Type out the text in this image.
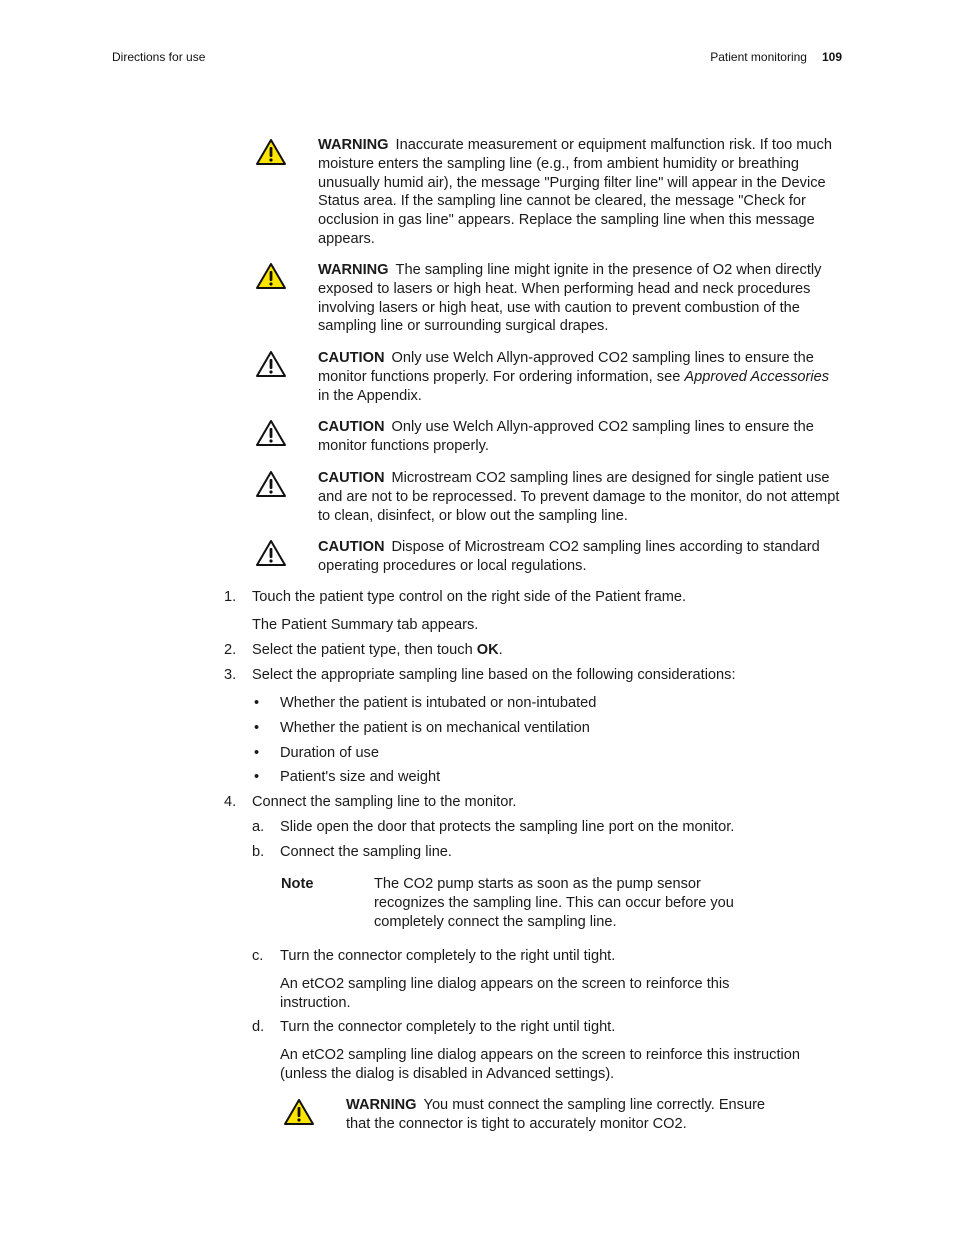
Directions for use	Patient monitoring 109
WARNING Inaccurate measurement or equipment malfunction risk. If too much moisture enters the sampling line (e.g., from ambient humidity or breathing unusually humid air), the message "Purging filter line" will appear in the Device Status area. If the sampling line cannot be cleared, the message "Check for occlusion in gas line" appears. Replace the sampling line when this message appears.
WARNING The sampling line might ignite in the presence of O2 when directly exposed to lasers or high heat. When performing head and neck procedures involving lasers or high heat, use with caution to prevent combustion of the sampling line or surrounding surgical drapes.
CAUTION Only use Welch Allyn-approved CO2 sampling lines to ensure the monitor functions properly. For ordering information, see Approved Accessories in the Appendix.
CAUTION Only use Welch Allyn-approved CO2 sampling lines to ensure the monitor functions properly.
CAUTION Microstream CO2 sampling lines are designed for single patient use and are not to be reprocessed. To prevent damage to the monitor, do not attempt to clean, disinfect, or blow out the sampling line.
CAUTION Dispose of Microstream CO2 sampling lines according to standard operating procedures or local regulations.
1. Touch the patient type control on the right side of the Patient frame.
The Patient Summary tab appears.
2. Select the patient type, then touch OK.
3. Select the appropriate sampling line based on the following considerations:
• Whether the patient is intubated or non-intubated
• Whether the patient is on mechanical ventilation
• Duration of use
• Patient's size and weight
4. Connect the sampling line to the monitor.
a. Slide open the door that protects the sampling line port on the monitor.
b. Connect the sampling line.
Note	The CO2 pump starts as soon as the pump sensor recognizes the sampling line. This can occur before you completely connect the sampling line.
c. Turn the connector completely to the right until tight.
An etCO2 sampling line dialog appears on the screen to reinforce this instruction.
d. Turn the connector completely to the right until tight.
An etCO2 sampling line dialog appears on the screen to reinforce this instruction (unless the dialog is disabled in Advanced settings).
WARNING You must connect the sampling line correctly. Ensure that the connector is tight to accurately monitor CO2.
